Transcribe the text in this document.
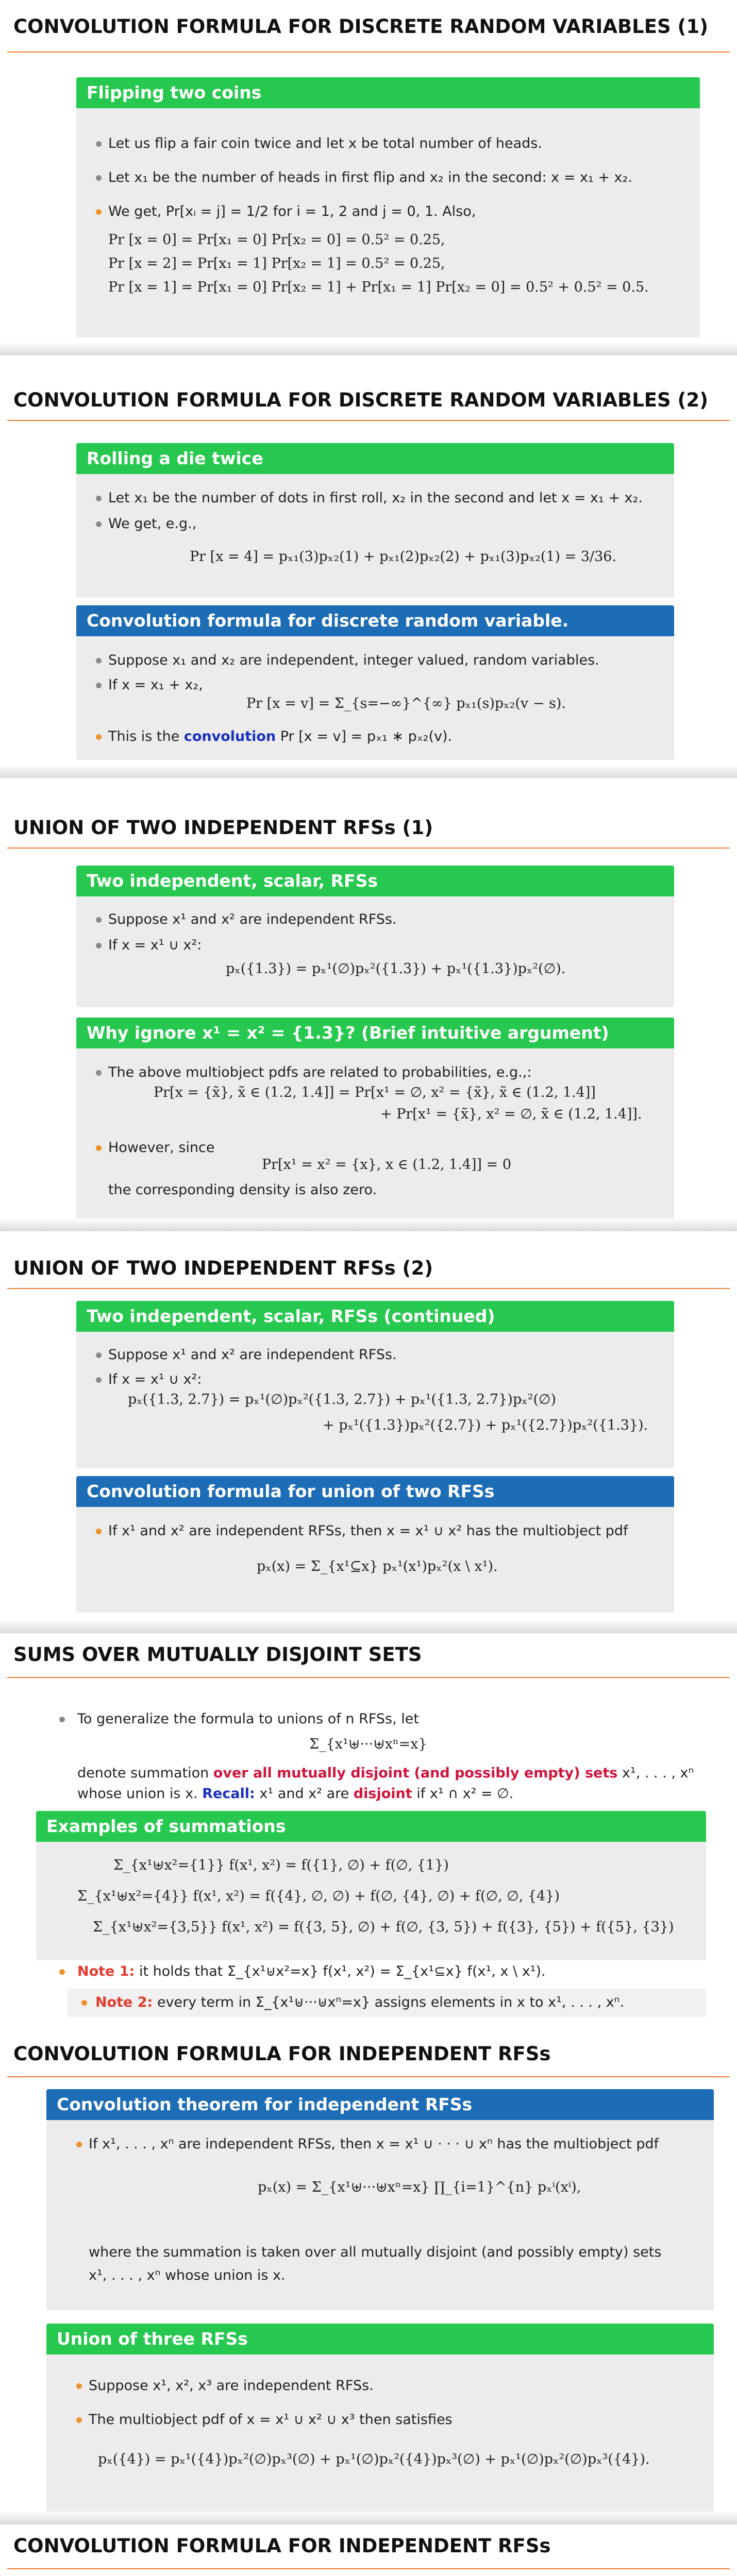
CONVOLUTION FORMULA FOR DISCRETE RANDOM VARIABLES (1)
Flipping two coins
Let us flip a fair coin twice and let x be total number of heads.
Let x₁ be the number of heads in first flip and x₂ in the second: x = x₁ + x₂.
We get, Pr[xᵢ = j] = 1/2 for i = 1, 2 and j = 0, 1. Also,
Pr [x = 0] = Pr[x₁ = 0] Pr[x₂ = 0] = 0.5² = 0.25,
Pr [x = 2] = Pr[x₁ = 1] Pr[x₂ = 1] = 0.5² = 0.25,
Pr [x = 1] = Pr[x₁ = 0] Pr[x₂ = 1] + Pr[x₁ = 1] Pr[x₂ = 0] = 0.5² + 0.5² = 0.5.
CONVOLUTION FORMULA FOR DISCRETE RANDOM VARIABLES (2)
Rolling a die twice
Let x₁ be the number of dots in first roll, x₂ in the second and let x = x₁ + x₂.
We get, e.g.,
Pr [x = 4] = pₓ₁(3)pₓ₂(1) + pₓ₁(2)pₓ₂(2) + pₓ₁(3)pₓ₂(1) = 3/36.
Convolution formula for discrete random variable.
Suppose x₁ and x₂ are independent, integer valued, random variables.
If x = x₁ + x₂,
Pr [x = v] = Σ_{s=−∞}^{∞} pₓ₁(s)pₓ₂(v − s).
This is the convolution Pr [x = v] = pₓ₁ ∗ pₓ₂(v).
UNION OF TWO INDEPENDENT RFSs (1)
Two independent, scalar, RFSs
Suppose x¹ and x² are independent RFSs.
If x = x¹ ∪ x²:
pₓ({1.3}) = pₓ¹(∅)pₓ²({1.3}) + pₓ¹({1.3})pₓ²(∅).
Why ignore x¹ = x² = {1.3}? (Brief intuitive argument)
The above multiobject pdfs are related to probabilities, e.g.,:
Pr[x = {x̃}, x̃ ∈ (1.2, 1.4]] = Pr[x¹ = ∅, x² = {x̃}, x̃ ∈ (1.2, 1.4]]
+ Pr[x¹ = {x̃}, x² = ∅, x̃ ∈ (1.2, 1.4]].
However, since
Pr[x¹ = x² = {x}, x ∈ (1.2, 1.4]] = 0
the corresponding density is also zero.
UNION OF TWO INDEPENDENT RFSs (2)
Two independent, scalar, RFSs (continued)
Suppose x¹ and x² are independent RFSs.
If x = x¹ ∪ x²:
pₓ({1.3, 2.7}) = pₓ¹(∅)pₓ²({1.3, 2.7}) + pₓ¹({1.3, 2.7})pₓ²(∅)
+ pₓ¹({1.3})pₓ²({2.7}) + pₓ¹({2.7})pₓ²({1.3}).
Convolution formula for union of two RFSs
If x¹ and x² are independent RFSs, then x = x¹ ∪ x² has the multiobject pdf
pₓ(x) = Σ_{x¹⊆x} pₓ¹(x¹)pₓ²(x \ x¹).
SUMS OVER MUTUALLY DISJOINT SETS
To generalize the formula to unions of n RFSs, let
Σ_{x¹⊎···⊎xⁿ=x}
denote summation over all mutually disjoint (and possibly empty) sets x¹, . . . , xⁿ
whose union is x. Recall: x¹ and x² are disjoint if x¹ ∩ x² = ∅.
Examples of summations
Σ_{x¹⊎x²={1}} f(x¹, x²) = f({1}, ∅) + f(∅, {1})
Σ_{x¹⊎x²={4}} f(x¹, x²) = f({4}, ∅, ∅) + f(∅, {4}, ∅) + f(∅, ∅, {4})
Σ_{x¹⊎x²={3,5}} f(x¹, x²) = f({3, 5}, ∅) + f(∅, {3, 5}) + f({3}, {5}) + f({5}, {3})
Note 1: it holds that Σ_{x¹⊎x²=x} f(x¹, x²) = Σ_{x¹⊆x} f(x¹, x \ x¹).
Note 2: every term in Σ_{x¹⊎···⊎xⁿ=x} assigns elements in x to x¹, . . . , xⁿ.
CONVOLUTION FORMULA FOR INDEPENDENT RFSs
Convolution theorem for independent RFSs
If x¹, . . . , xⁿ are independent RFSs, then x = x¹ ∪ · · · ∪ xⁿ has the multiobject pdf
pₓ(x) = Σ_{x¹⊎···⊎xⁿ=x} ∏_{i=1}^{n} pₓⁱ(xⁱ),
where the summation is taken over all mutually disjoint (and possibly empty) sets
x¹, . . . , xⁿ whose union is x.
Union of three RFSs
Suppose x¹, x², x³ are independent RFSs.
The multiobject pdf of x = x¹ ∪ x² ∪ x³ then satisfies
pₓ({4}) = pₓ¹({4})pₓ²(∅)pₓ³(∅) + pₓ¹(∅)pₓ²({4})pₓ³(∅) + pₓ¹(∅)pₓ²(∅)pₓ³({4}).
CONVOLUTION FORMULA FOR INDEPENDENT RFSs
